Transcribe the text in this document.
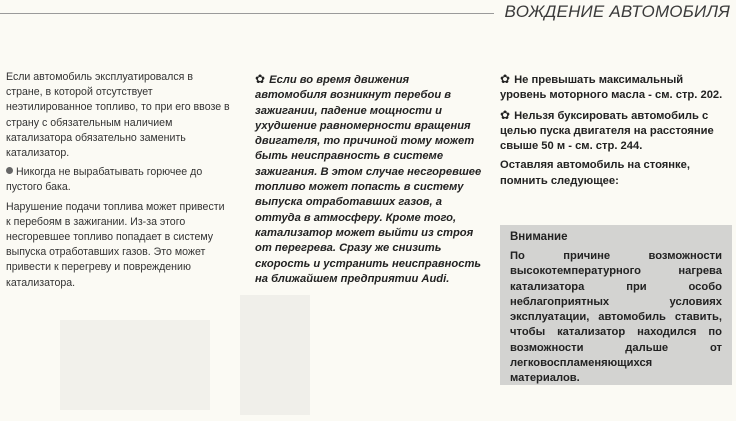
ВОЖДЕНИЕ АВТОМОБИЛЯ

Если автомобиль эксплуатировался в стране, в которой отсутствует неэтилированное топливо, то при его ввозе в страну с обязательным наличием катализатора обязательно заменить катализатор.

Никогда не вырабатывать горючее до пустого бака.

Нарушение подачи топлива может привести к перебоям в зажигании. Из-за этого несгоревшее топливо попадает в систему выпуска отработавших газов. Это может привести к перегреву и повреждению катализатора.

✿ Если во время движения автомобиля возникнут перебои в зажигании, падение мощности и ухудшение равномерности вращения двигателя, то причиной тому может быть неисправность в системе зажигания. В этом случае несгоревшее топливо может попасть в систему выпуска отработавших газов, а оттуда в атмосферу. Кроме того, катализатор может выйти из строя от перегрева. Сразу же снизить скорость и устранить неисправность на ближайшем предприятии Audi.

✿ Не превышать максимальный уровень моторного масла - см. стр. 202.

✿ Нельзя буксировать автомобиль с целью пуска двигателя на расстояние свыше 50 м - см. стр. 244.

Оставляя автомобиль на стоянке, помнить следующее:

Внимание
По причине возможности высокотемпературного нагрева катализатора при особо неблагоприятных условиях эксплуатации, автомобиль ставить, чтобы катализатор находился по возможности дальше от легковоспламеняющихся материалов.
